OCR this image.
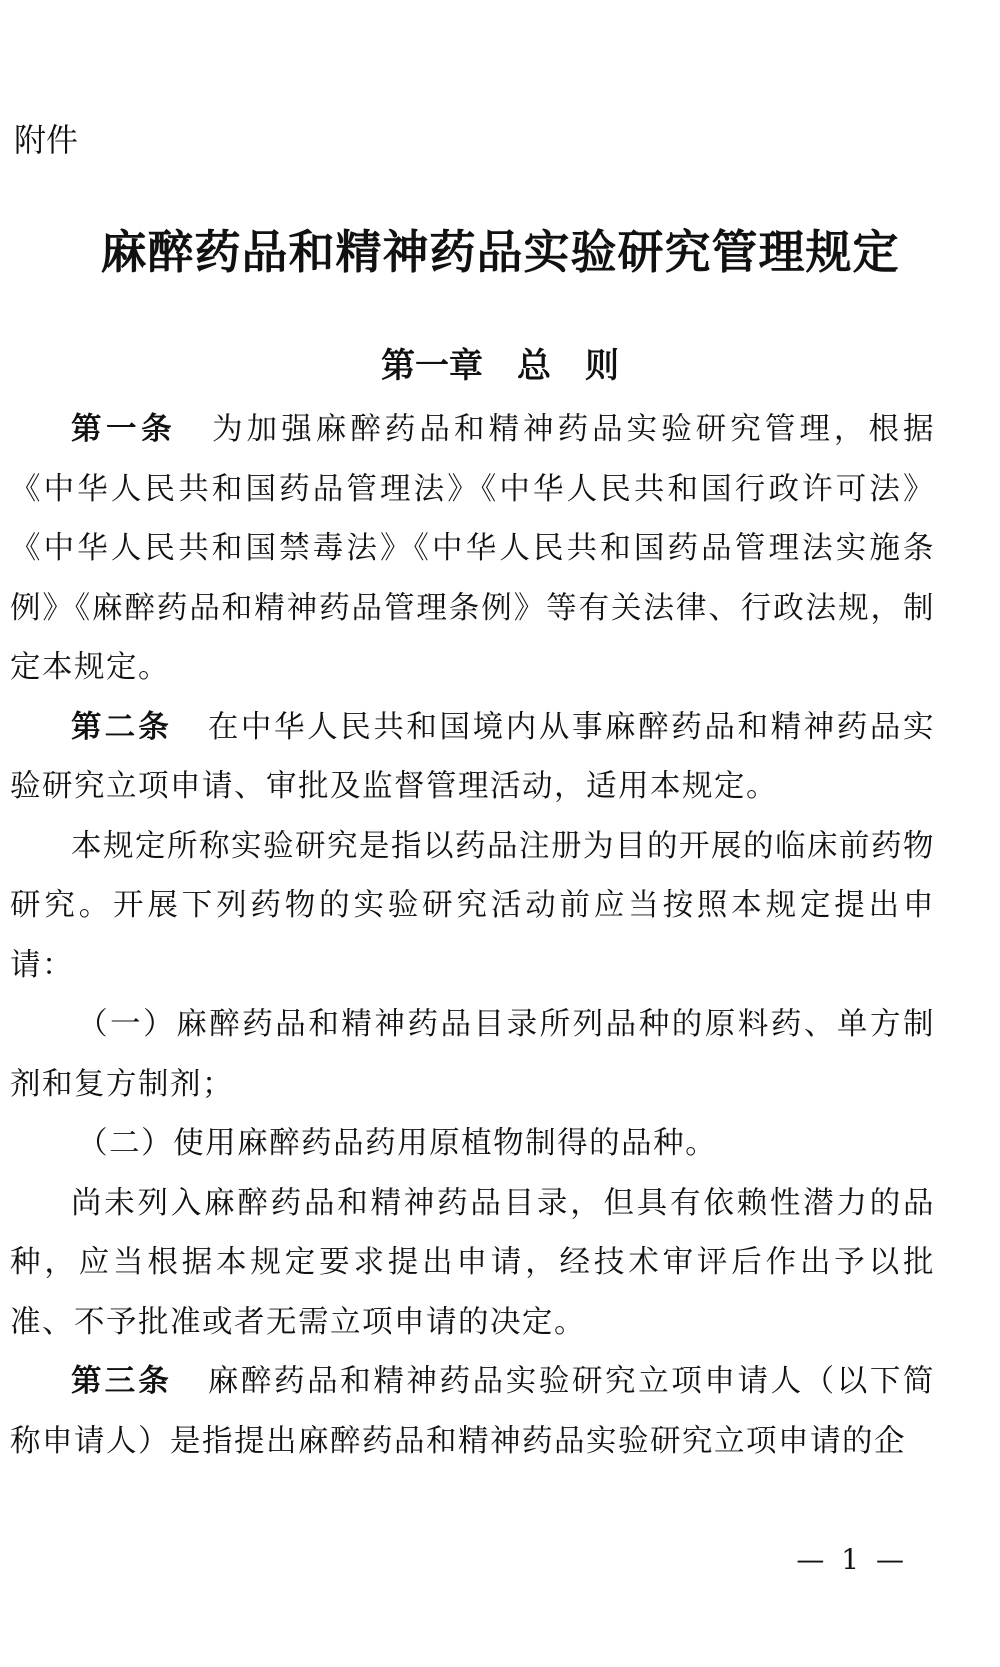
附件
麻醉药品和精神药品实验研究管理规定
第一章　总　则

第一条 为加强麻醉药品和精神药品实验研究管理，根据《中华人民共和国药品管理法》《中华人民共和国行政许可法》《中华人民共和国禁毒法》《中华人民共和国药品管理法实施条例》《麻醉药品和精神药品管理条例》等有关法律、行政法规，制定本规定。

第二条 在中华人民共和国境内从事麻醉药品和精神药品实验研究立项申请、审批及监督管理活动，适用本规定。

本规定所称实验研究是指以药品注册为目的开展的临床前药物研究。开展下列药物的实验研究活动前应当按照本规定提出申请：

（一）麻醉药品和精神药品目录所列品种的原料药、单方制剂和复方制剂；

（二）使用麻醉药品药用原植物制得的品种。

尚未列入麻醉药品和精神药品目录，但具有依赖性潜力的品种，应当根据本规定要求提出申请，经技术审评后作出予以批准、不予批准或者无需立项申请的决定。

第三条 麻醉药品和精神药品实验研究立项申请人（以下简称申请人）是指提出麻醉药品和精神药品实验研究立项申请的企

— 1 —
